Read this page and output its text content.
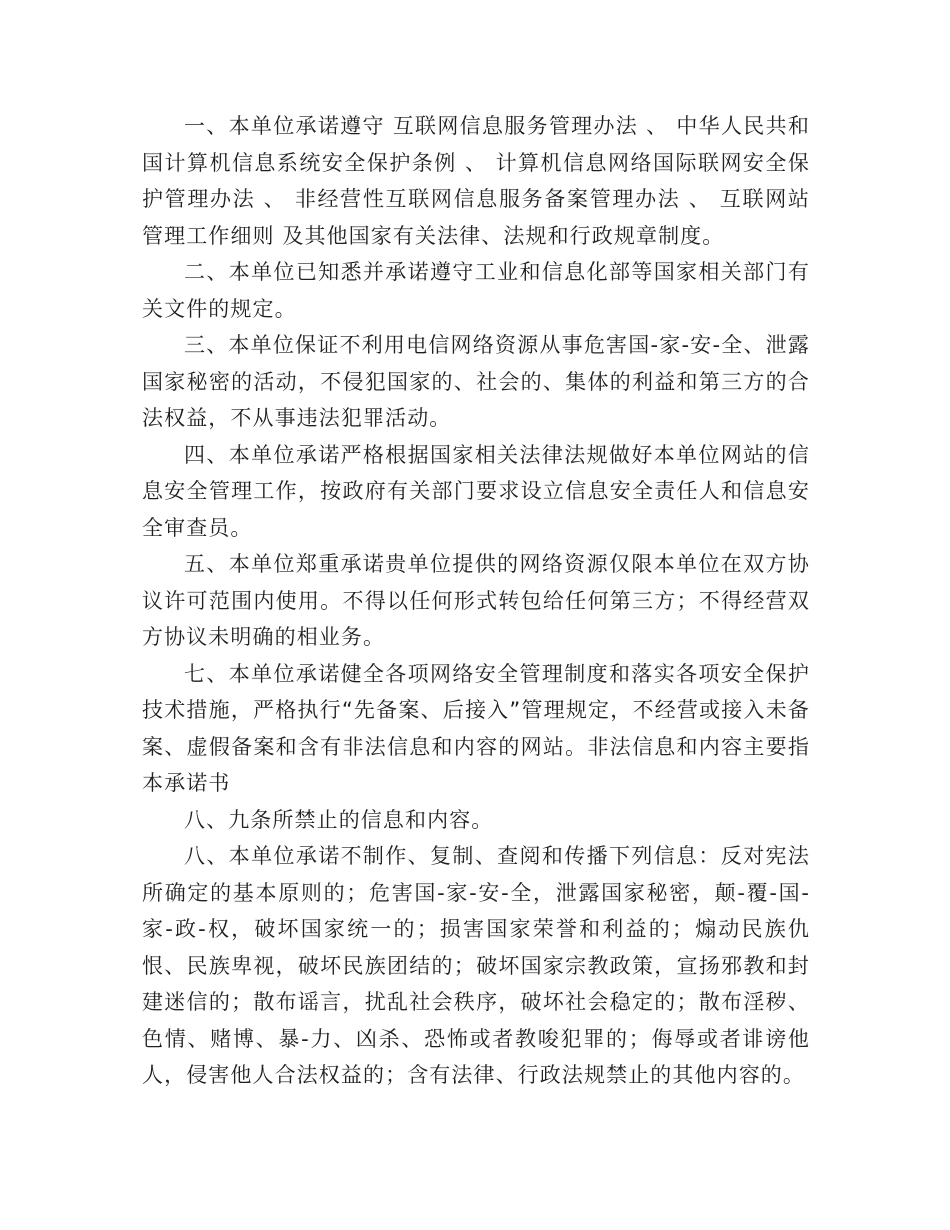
一、本单位承诺遵守 互联网信息服务管理办法 、 中华人民共和国计算机信息系统安全保护条例 、 计算机信息网络国际联网安全保护管理办法 、 非经营性互联网信息服务备案管理办法 、 互联网站管理工作细则 及其他国家有关法律、法规和行政规章制度。

二、本单位已知悉并承诺遵守工业和信息化部等国家相关部门有关文件的规定。

三、本单位保证不利用电信网络资源从事危害国-家-安-全、泄露国家秘密的活动，不侵犯国家的、社会的、集体的利益和第三方的合法权益，不从事违法犯罪活动。

四、本单位承诺严格根据国家相关法律法规做好本单位网站的信息安全管理工作，按政府有关部门要求设立信息安全责任人和信息安全审查员。

五、本单位郑重承诺贵单位提供的网络资源仅限本单位在双方协议许可范围内使用。不得以任何形式转包给任何第三方；不得经营双方协议未明确的相业务。

七、本单位承诺健全各项网络安全管理制度和落实各项安全保护技术措施，严格执行“先备案、后接入”管理规定，不经营或接入未备案、虚假备案和含有非法信息和内容的网站。非法信息和内容主要指本承诺书

八、九条所禁止的信息和内容。

八、本单位承诺不制作、复制、查阅和传播下列信息：反对宪法所确定的基本原则的；危害国-家-安-全，泄露国家秘密，颠-覆-国-家-政-权，破坏国家统一的；损害国家荣誉和利益的；煽动民族仇恨、民族卑视，破坏民族团结的；破坏国家宗教政策，宣扬邪教和封建迷信的；散布谣言，扰乱社会秩序，破坏社会稳定的；散布淫秽、色情、赌博、暴-力、凶杀、恐怖或者教唆犯罪的；侮辱或者诽谤他人，侵害他人合法权益的；含有法律、行政法规禁止的其他内容的。
